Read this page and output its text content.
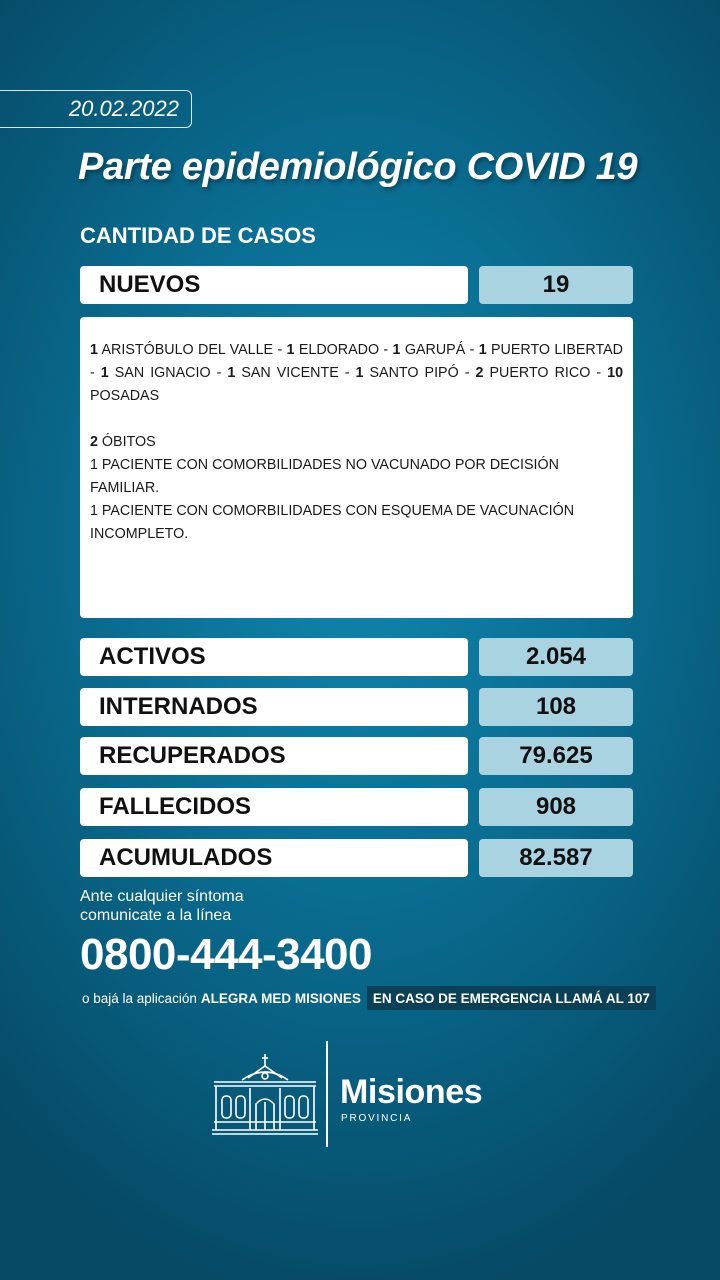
20.02.2022
Parte epidemiológico COVID 19
CANTIDAD DE CASOS
NUEVOS	19

1 ARISTÓBULO DEL VALLE - 1 ELDORADO - 1 GARUPÁ - 1 PUERTO LIBERTAD - 1 SAN IGNACIO - 1 SAN VICENTE - 1 SANTO PIPÓ - 2 PUERTO RICO - 10 POSADAS

2 ÓBITOS

1 PACIENTE CON COMORBILIDADES NO VACUNADO POR DECISIÓN FAMILIAR.

1 PACIENTE CON COMORBILIDADES CON ESQUEMA DE VACUNACIÓN INCOMPLETO.

ACTIVOS	2.054
INTERNADOS	108
RECUPERADOS	79.625
FALLECIDOS	908
ACUMULADOS	82.587
Ante cualquier síntoma
comunicate a la línea
0800-444-3400
o bajá la aplicación ALEGRA MED MISIONES EN CASO DE EMERGENCIA LLAMÁ AL 107
Misiones
PROVINCIA
